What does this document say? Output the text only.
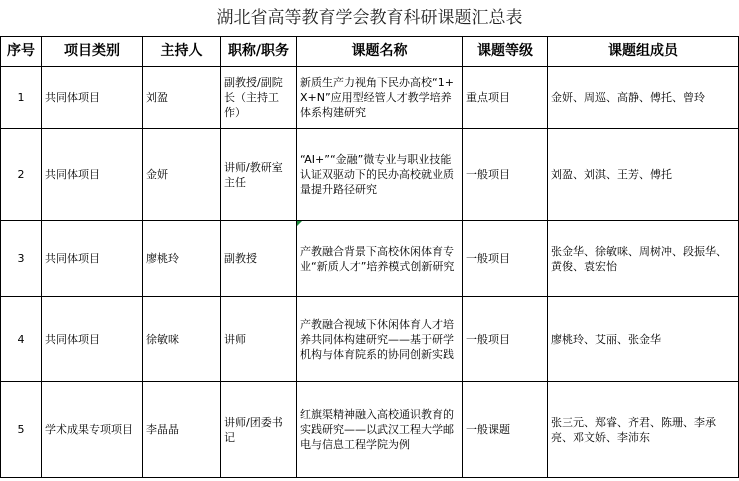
湖北省高等教育学会教育科研课题汇总表
序号	项目类别	主持人	职称/职务	课题名称	课题等级	课题组成员
1	共同体项目	刘盈	副教授/副院长（主持工作）	新质生产力视角下民办高校“1+X+N”应用型经管人才教学培养体系构建研究	重点项目	金妍、周巡、高静、傅托、曾玲
2	共同体项目	金妍	讲师/教研室主任	“AI+”“金融”微专业与职业技能认证双驱动下的民办高校就业质量提升路径研究	一般项目	刘盈、刘淇、王芳、傅托
3	共同体项目	廖桃玲	副教授	产教融合背景下高校休闲体育专业“新质人才”培养模式创新研究	一般项目	张金华、徐敏咪、周树冲、段振华、黄俊、袁宏怡
4	共同体项目	徐敏咪	讲师	产教融合视域下休闲体育人才培养共同体构建研究——基于研学机构与体育院系的协同创新实践	一般项目	廖桃玲、艾丽、张金华
5	学术成果专项项目	李晶晶	讲师/团委书记	红旗渠精神融入高校通识教育的实践研究——以武汉工程大学邮电与信息工程学院为例	一般课题	张三元、郑睿、齐君、陈珊、李承亮、邓文娇、李沛东
